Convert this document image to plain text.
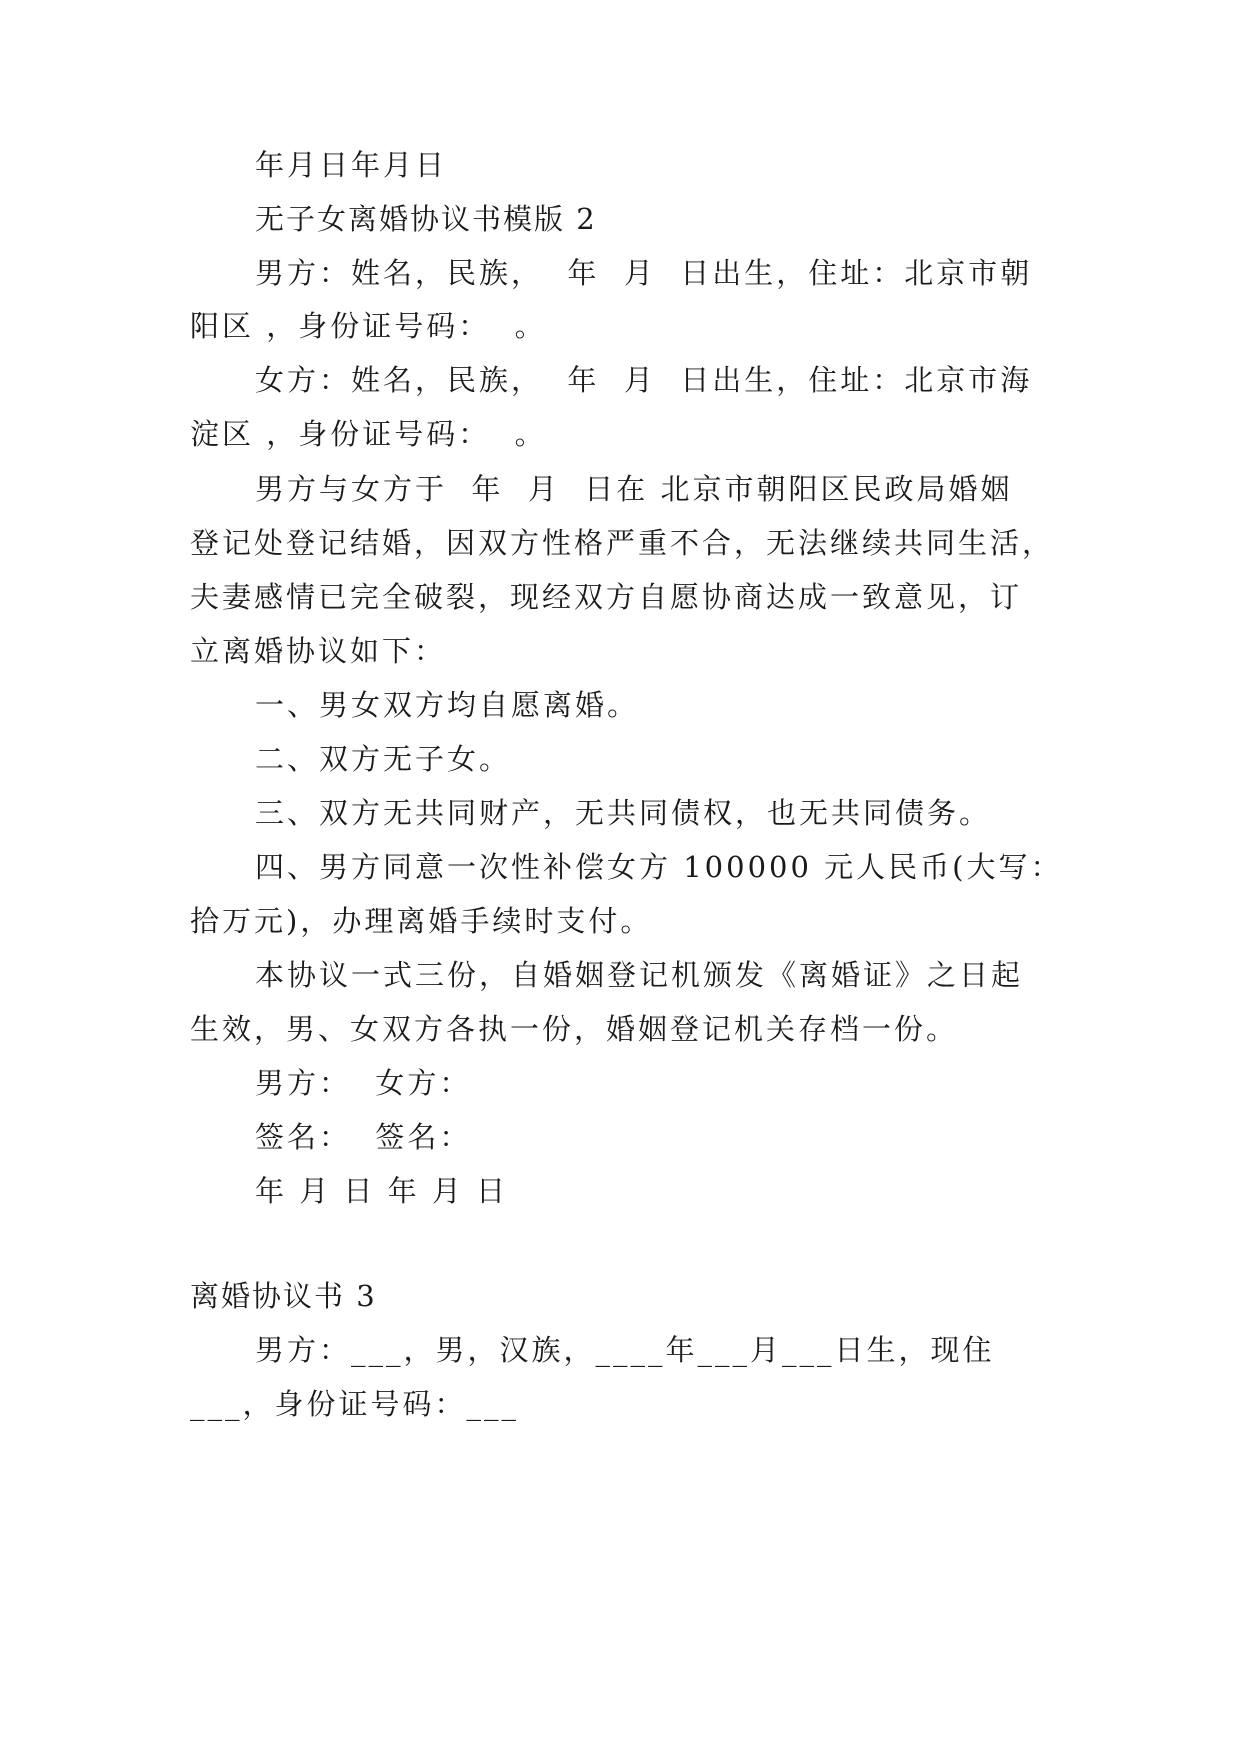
年月日年月日
无子女离婚协议书模版 2
男方：姓名，民族，  年  月  日出生，住址：北京市朝
阳区 ，身份证号码：  。
女方：姓名，民族，  年  月  日出生，住址：北京市海
淀区 ，身份证号码：  。
男方与女方于  年  月  日在 北京市朝阳区民政局婚姻
登记处登记结婚，因双方性格严重不合，无法继续共同生活，
夫妻感情已完全破裂，现经双方自愿协商达成一致意见，订
立离婚协议如下：
一、男女双方均自愿离婚。
二、双方无子女。
三、双方无共同财产，无共同债权，也无共同债务。
四、男方同意一次性补偿女方 100000 元人民币(大写：
拾万元)，办理离婚手续时支付。
本协议一式三份，自婚姻登记机颁发《离婚证》之日起
生效，男、女双方各执一份，婚姻登记机关存档一份。
男方：  女方：
签名：  签名：
年 月 日 年 月 日
离婚协议书 3
男方：___，男，汉族，____年___月___日生，现住
___，身份证号码：___
